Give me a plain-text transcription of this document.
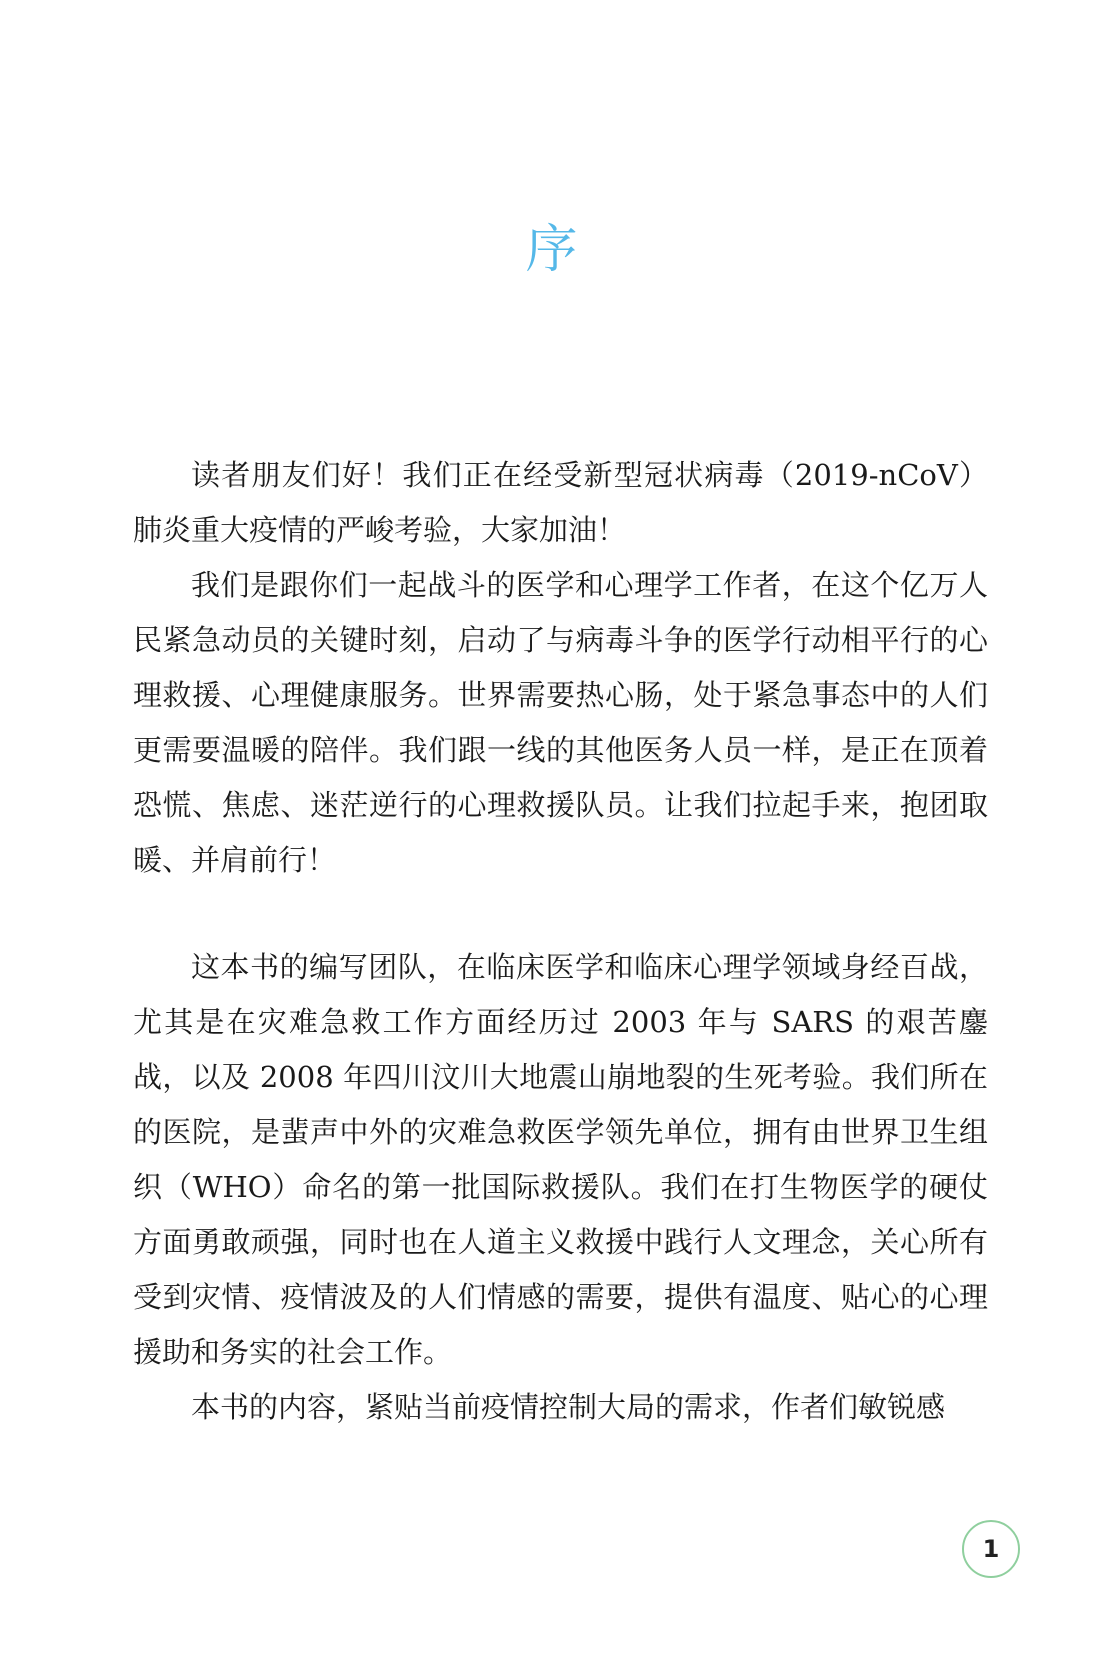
序

读者朋友们好！我们正在经受新型冠状病毒（2019-nCoV）肺炎重大疫情的严峻考验，大家加油！

我们是跟你们一起战斗的医学和心理学工作者，在这个亿万人民紧急动员的关键时刻，启动了与病毒斗争的医学行动相平行的心理救援、心理健康服务。世界需要热心肠，处于紧急事态中的人们更需要温暖的陪伴。我们跟一线的其他医务人员一样，是正在顶着恐慌、焦虑、迷茫逆行的心理救援队员。让我们拉起手来，抱团取暖、并肩前行！

这本书的编写团队，在临床医学和临床心理学领域身经百战，尤其是在灾难急救工作方面经历过 2003 年与 SARS 的艰苦鏖战，以及 2008 年四川汶川大地震山崩地裂的生死考验。我们所在的医院，是蜚声中外的灾难急救医学领先单位，拥有由世界卫生组织（WHO）命名的第一批国际救援队。我们在打生物医学的硬仗方面勇敢顽强，同时也在人道主义救援中践行人文理念，关心所有受到灾情、疫情波及的人们情感的需要，提供有温度、贴心的心理援助和务实的社会工作。

本书的内容，紧贴当前疫情控制大局的需求，作者们敏锐感

1
